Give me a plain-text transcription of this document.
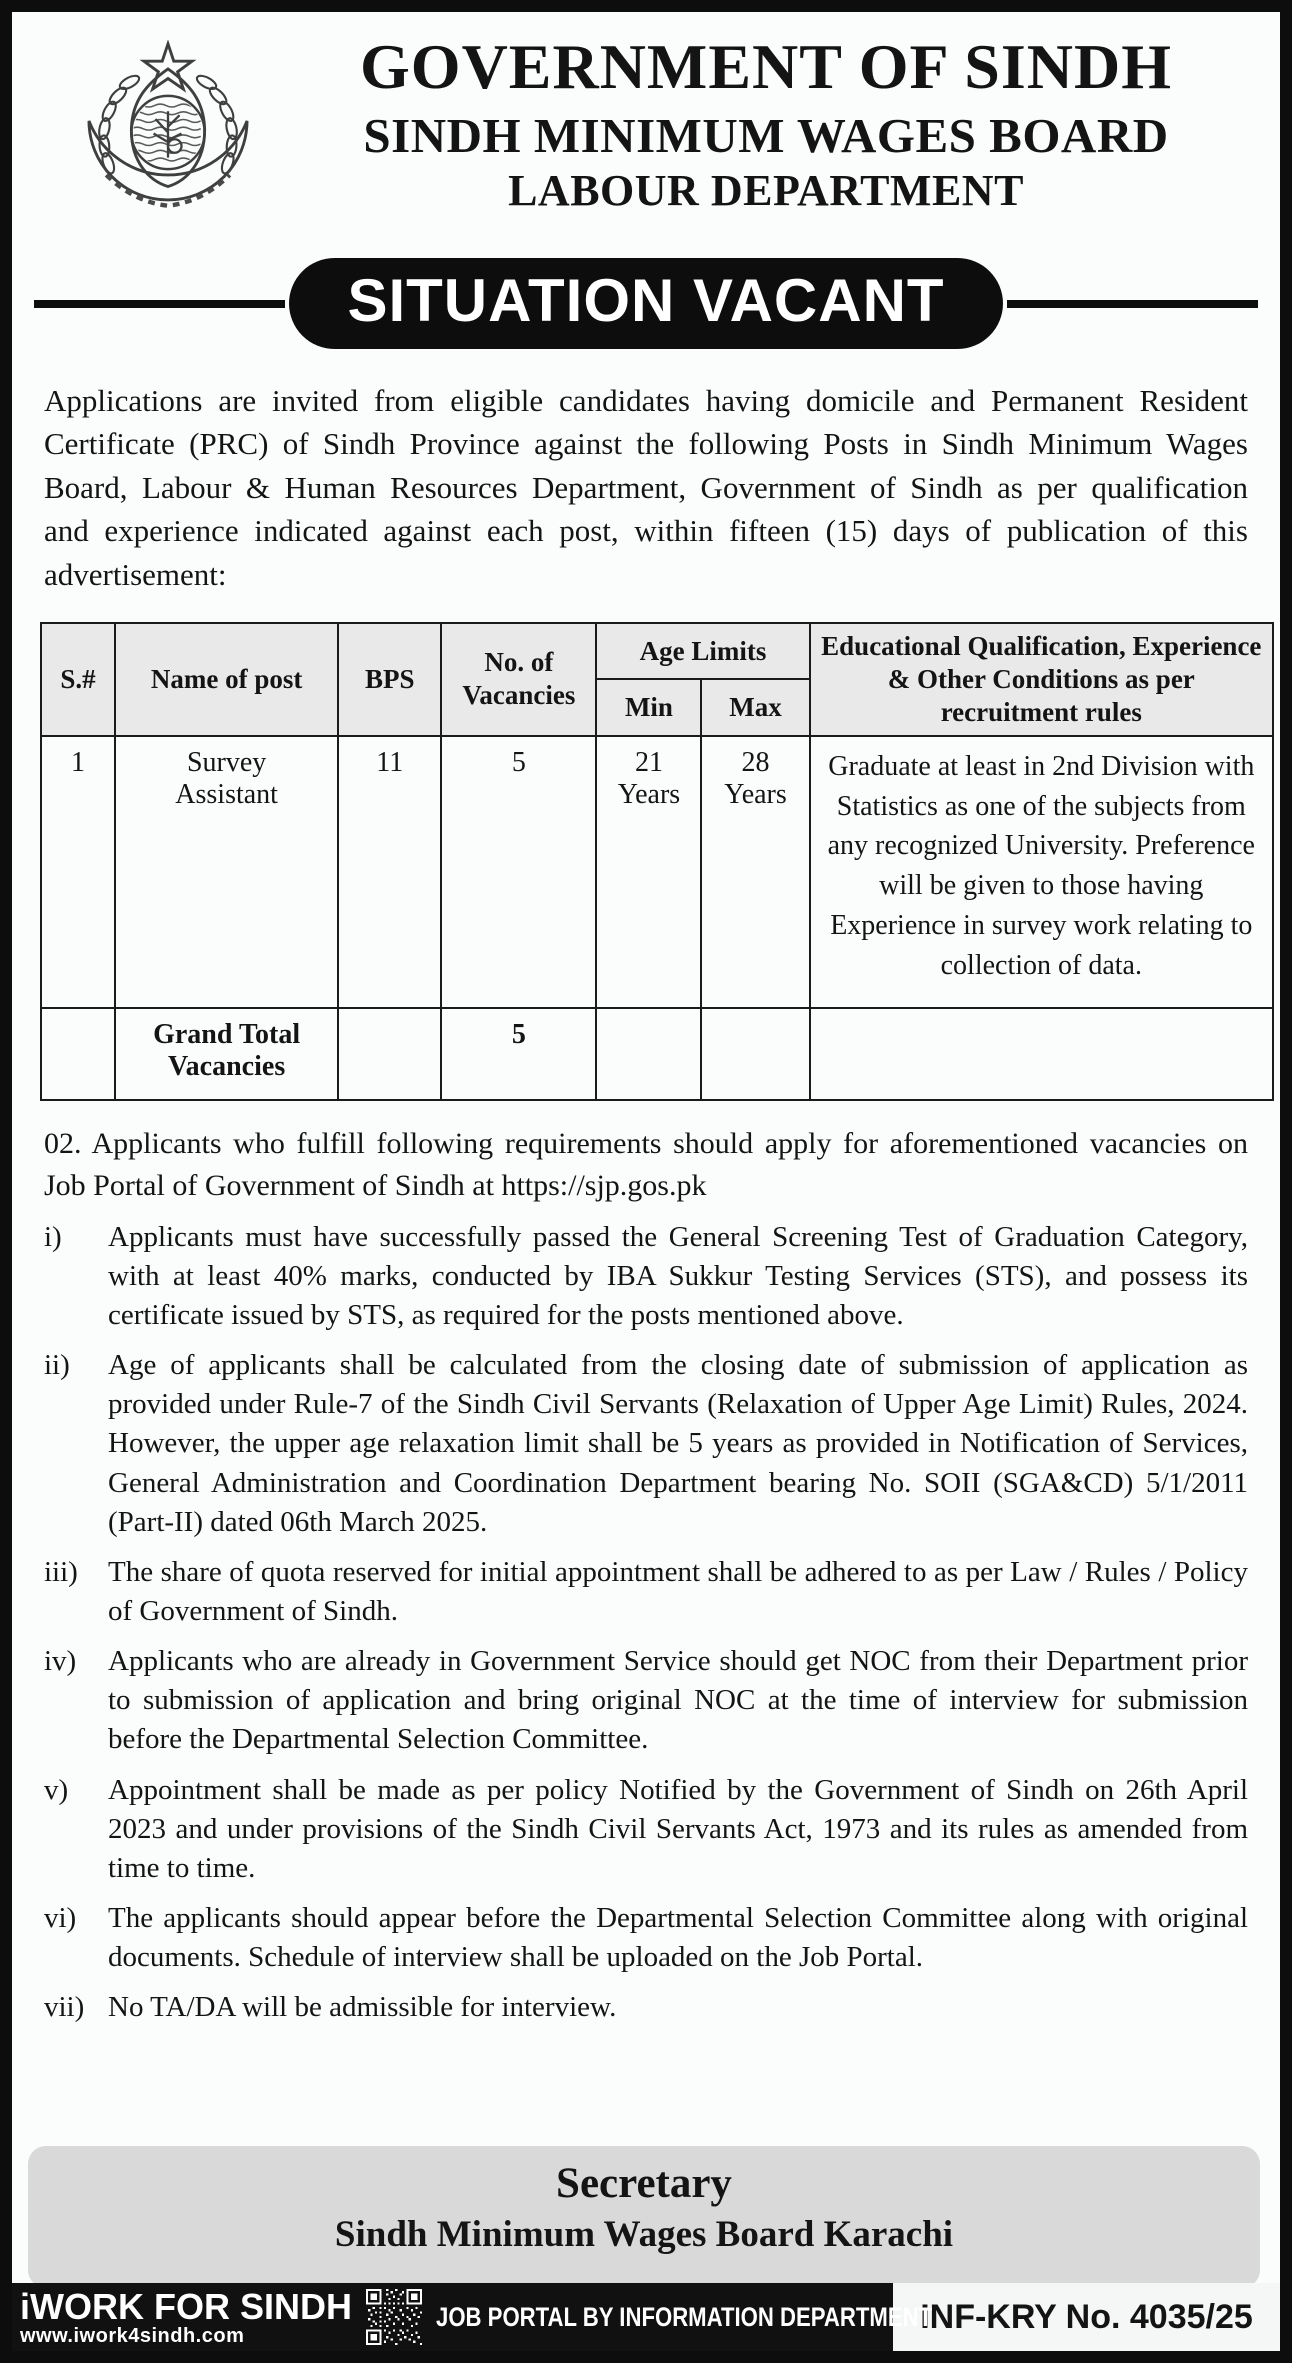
GOVERNMENT OF SINDH
SINDH MINIMUM WAGES BOARD
LABOUR DEPARTMENT
SITUATION VACANT

Applications are invited from eligible candidates having domicile and Permanent Resident Certificate (PRC) of Sindh Province against the following Posts in Sindh Minimum Wages Board, Labour & Human Resources Department, Government of Sindh as per qualification and experience indicated against each post, within fifteen (15) days of publication of this advertisement:

S.#	Name of post	BPS	No. of Vacancies	Age Limits		Educational Qualification, Experience & Other Conditions as per recruitment rules
				Min	Max	
1	Survey Assistant	11	5	21 Years	28 Years	Graduate at least in 2nd Division with Statistics as one of the subjects from any recognized University. Preference will be given to those having Experience in survey work relating to collection of data.
	Grand Total Vacancies		5			

02. Applicants who fulfill following requirements should apply for aforementioned vacancies on Job Portal of Government of Sindh at https://sjp.gos.pk

i)	Applicants must have successfully passed the General Screening Test of Graduation Category, with at least 40% marks, conducted by IBA Sukkur Testing Services (STS), and possess its certificate issued by STS, as required for the posts mentioned above.
ii)	Age of applicants shall be calculated from the closing date of submission of application as provided under Rule-7 of the Sindh Civil Servants (Relaxation of Upper Age Limit) Rules, 2024. However, the upper age relaxation limit shall be 5 years as provided in Notification of Services, General Administration and Coordination Department bearing No. SOII (SGA&CD) 5/1/2011 (Part-II) dated 06th March 2025.
iii)	The share of quota reserved for initial appointment shall be adhered to as per Law / Rules / Policy of Government of Sindh.
iv)	Applicants who are already in Government Service should get NOC from their Department prior to submission of application and bring original NOC at the time of interview for submission before the Departmental Selection Committee.
v)	Appointment shall be made as per policy Notified by the Government of Sindh on 26th April 2023 and under provisions of the Sindh Civil Servants Act, 1973 and its rules as amended from time to time.
vi)	The applicants should appear before the Departmental Selection Committee along with original documents. Schedule of interview shall be uploaded on the Job Portal.
vii) No TA/DA will be admissible for interview.
Secretary
Sindh Minimum Wages Board Karachi
iWORK FOR SINDH
www.iwork4sindh.com
JOB PORTAL BY INFORMATION DEPARTMENT
INF-KRY No. 4035/25
